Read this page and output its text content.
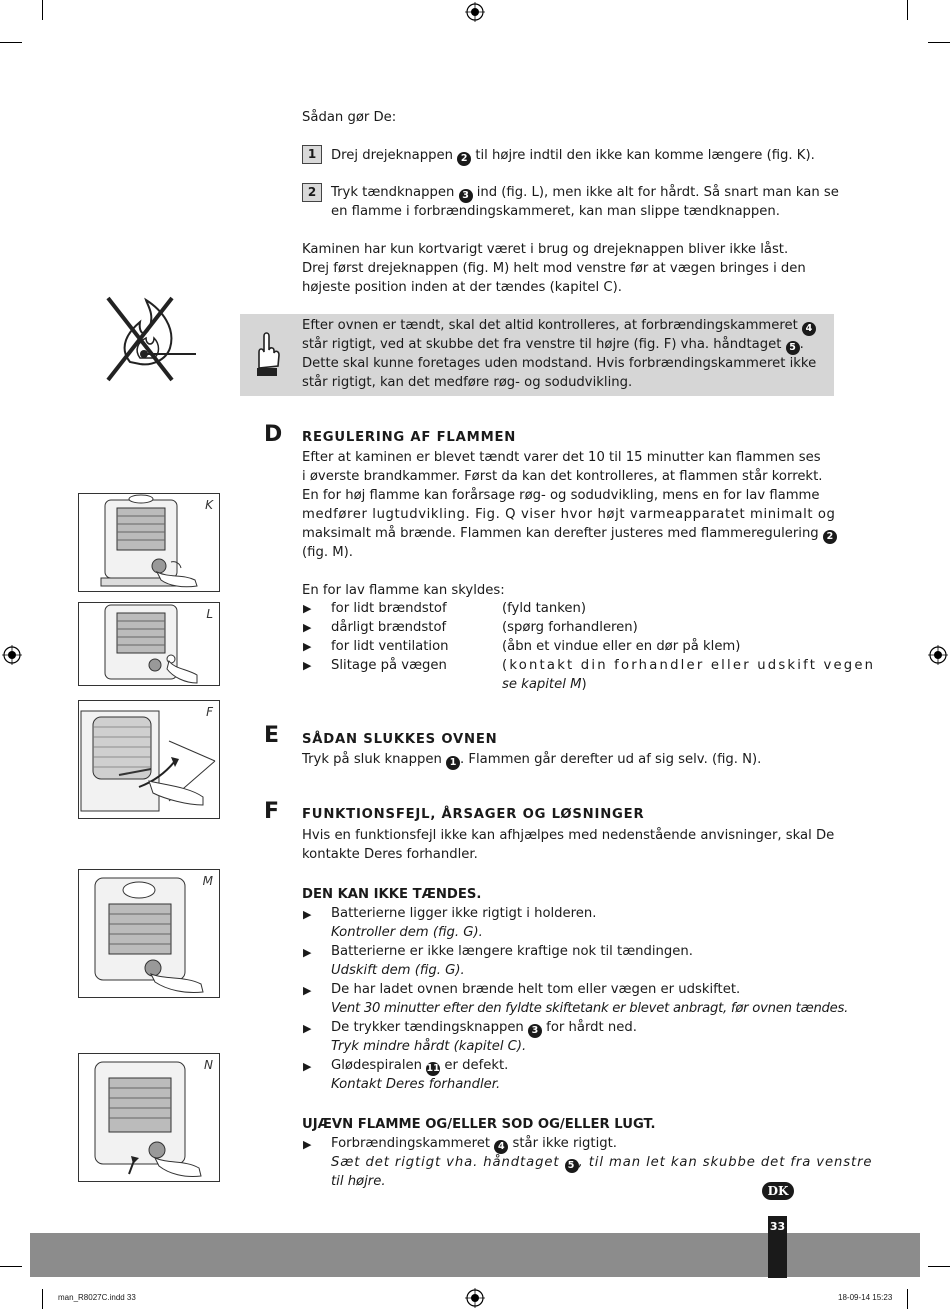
Sådan gør De:
1	Drej drejeknappen 2 til højre indtil den ikke kan komme længere (fig. K).
2	Tryk tændknappen 3 ind (fig. L), men ikke alt for hårdt. Så snart man kan se
en flamme i forbrændingskammeret, kan man slippe tændknappen.
Kaminen har kun kortvarigt været i brug og drejeknappen bliver ikke låst.
Drej først drejeknappen (fig. M) helt mod venstre før at vægen bringes i den
højeste position inden at der tændes (kapitel C).
Efter ovnen er tændt, skal det altid kontrolleres, at forbrændingskammeret 4
står rigtigt, ved at skubbe det fra venstre til højre (fig. F) vha. håndtaget 5 .
Dette skal kunne foretages uden modstand. Hvis forbrændingskammeret ikke
står rigtigt, kan det medføre røg- og sodudvikling.
D REGULERING AF FLAMMEN
Efter at kaminen er blevet tændt varer det 10 til 15 minutter kan flammen ses
i øverste brandkammer. Først da kan det kontrolleres, at flammen står korrekt.
En for høj flamme kan forårsage røg- og sodudvikling, mens en for lav flamme
medfører lugtudvikling. Fig. Q viser hvor højt varmeapparatet minimalt og
maksimalt må brænde. Flammen kan derefter justeres med flammeregulering 2
(fig. M).
En for lav flamme kan skyldes:
▶ for lidt brændstof	(fyld tanken)
▶ dårligt brændstof	(spørg forhandleren)
▶ for lidt ventilation	(åbn et vindue eller en dør på klem)
▶ Slitage på vægen	(kontakt din forhandler eller udskift vegen
se kapitel M)
E SÅDAN SLUKKES OVNEN
Tryk på sluk knappen 1 . Flammen går derefter ud af sig selv. (fig. N).
F FUNKTIONSFEJL, ÅRSAGER OG LØSNINGER
Hvis en funktionsfejl ikke kan afhjælpes med nedenstående anvisninger, skal De
kontakte Deres forhandler.
DEN KAN IKKE TÆNDES.
▶ Batterierne ligger ikke rigtigt i holderen.
Kontroller dem (fig. G).
▶ Batterierne er ikke længere kraftige nok til tændingen.
Udskift dem (fig. G).
▶ De har ladet ovnen brænde helt tom eller vægen er udskiftet.
Vent 30 minutter efter den fyldte skiftetank er blevet anbragt, før ovnen tændes.
▶ De trykker tændingsknappen 3 for hårdt ned.
Tryk mindre hårdt (kapitel C).
▶ Glødespiralen 11 er defekt.
Kontakt Deres forhandler.
UJÆVN FLAMME OG/ELLER SOD OG/ELLER LUGT.
▶ Forbrændingskammeret 4 står ikke rigtigt.
Sæt det rigtigt vha. håndtaget 5 , til man let kan skubbe det fra venstre
til højre.
K
L
F
M
N
DK
33
man_R8027C.indd 33	18-09-14 15:23
